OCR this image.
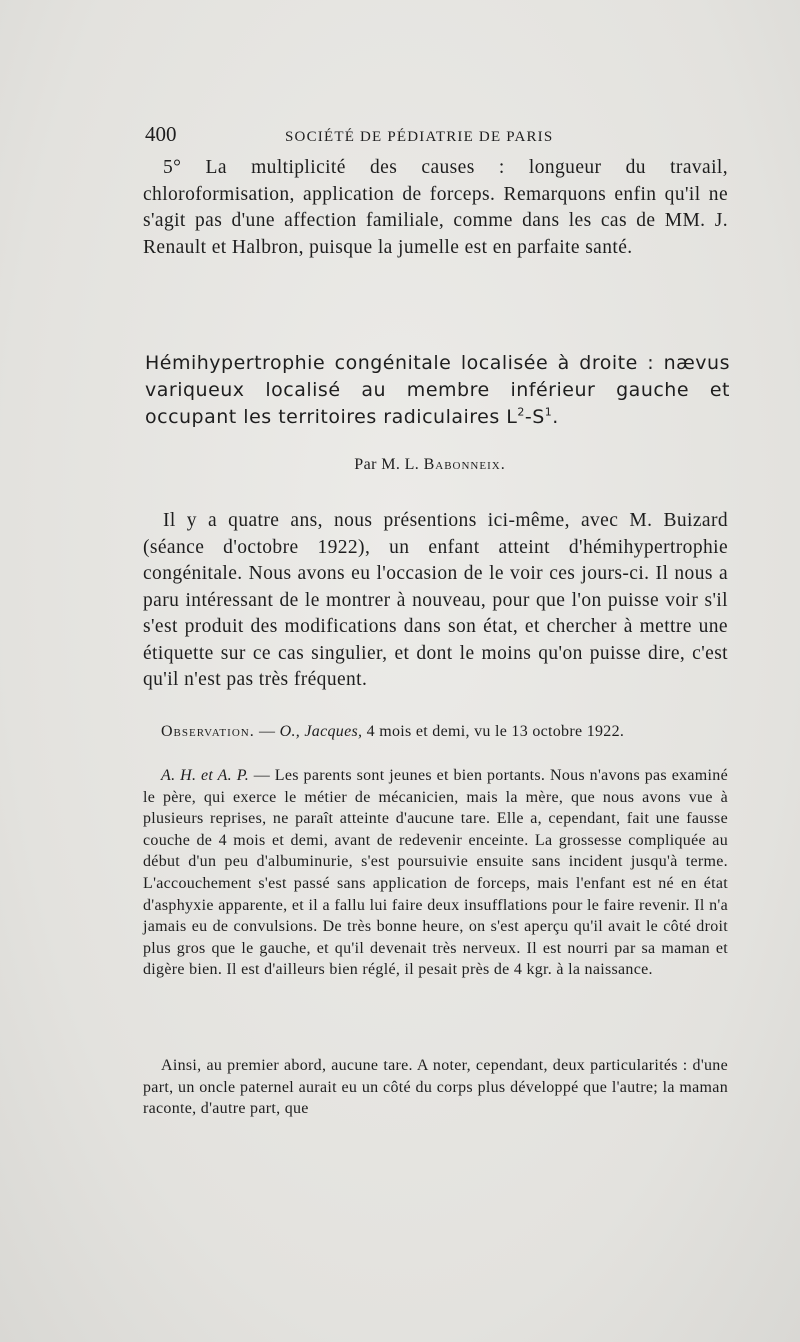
400	SOCIÉTÉ DE PÉDIATRIE DE PARIS
5° La multiplicité des causes : longueur du travail, chloroformisation, application de forceps. Remarquons enfin qu'il ne s'agit pas d'une affection familiale, comme dans les cas de MM. J. Renault et Halbron, puisque la jumelle est en parfaite santé.
Hémihypertrophie congénitale localisée à droite : nævus variqueux localisé au membre inférieur gauche et occupant les territoires radiculaires $L^2-S^1$.
Par M. L. Babonneix.
Il y a quatre ans, nous présentions ici-même, avec M. Buizard (séance d'octobre 1922), un enfant atteint d'hémihypertrophie congénitale. Nous avons eu l'occasion de le voir ces jours-ci. Il nous a paru intéressant de le montrer à nouveau, pour que l'on puisse voir s'il s'est produit des modifications dans son état, et chercher à mettre une étiquette sur ce cas singulier, et dont le moins qu'on puisse dire, c'est qu'il n'est pas très fréquent.
Observation. — O., Jacques, 4 mois et demi, vu le 13 octobre 1922.
A. H. et A. P. — Les parents sont jeunes et bien portants. Nous n'avons pas examiné le père, qui exerce le métier de mécanicien, mais la mère, que nous avons vue à plusieurs reprises, ne paraît atteinte d'aucune tare. Elle a, cependant, fait une fausse couche de 4 mois et demi, avant de redevenir enceinte. La grossesse compliquée au début d'un peu d'albuminurie, s'est poursuivie ensuite sans incident jusqu'à terme. L'accouchement s'est passé sans application de forceps, mais l'enfant est né en état d'asphyxie apparente, et il a fallu lui faire deux insufflations pour le faire revenir. Il n'a jamais eu de convulsions. De très bonne heure, on s'est aperçu qu'il avait le côté droit plus gros que le gauche, et qu'il devenait très nerveux. Il est nourri par sa maman et digère bien. Il est d'ailleurs bien réglé, il pesait près de 4 kgr. à la naissance.
Ainsi, au premier abord, aucune tare. A noter, cependant, deux particularités : d'une part, un oncle paternel aurait eu un côté du corps plus développé que l'autre; la maman raconte, d'autre part, que
